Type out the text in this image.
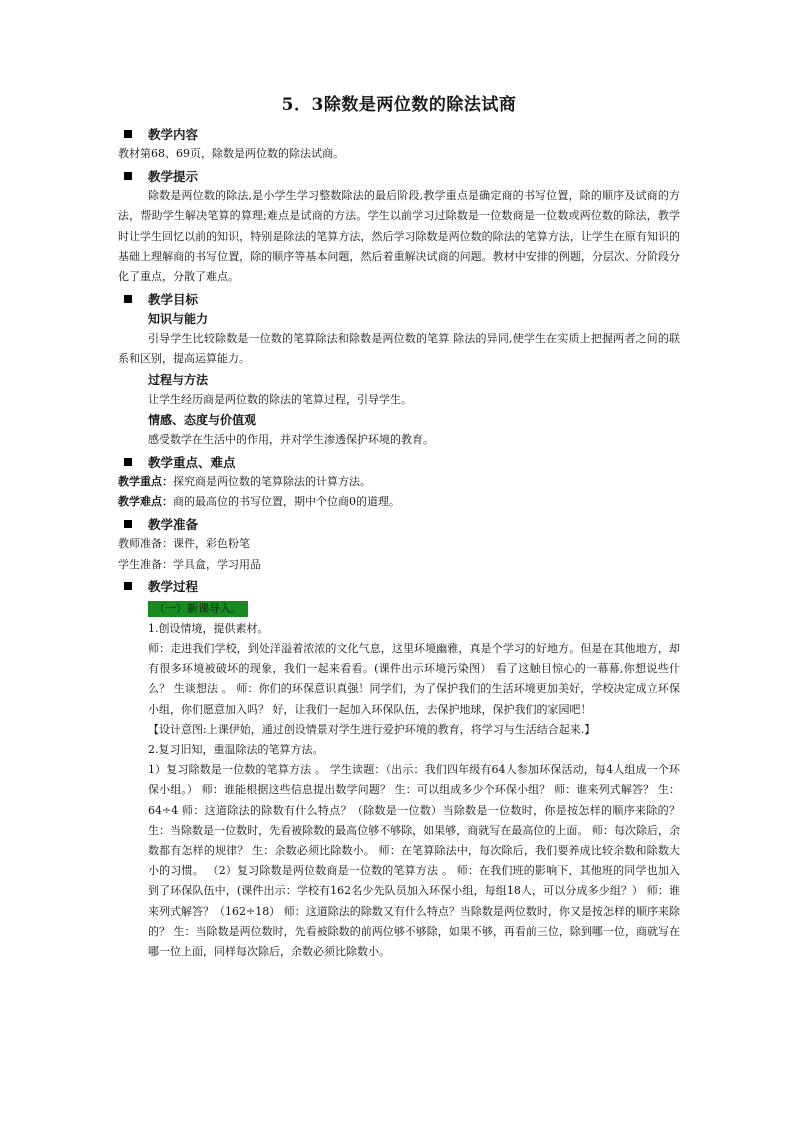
5．3除数是两位数的除法试商
教学内容

教材第68、69页，除数是两位数的除法试商。

教学提示

除数是两位数的除法,是小学生学习整数除法的最后阶段,教学重点是确定商的书写位置，除的顺序及试商的方法，帮助学生解决笔算的算理;难点是试商的方法。学生以前学习过除数是一位数商是一位数或两位数的除法，教学时让学生回忆以前的知识，特别是除法的笔算方法，然后学习除数是两位数的除法的笔算方法，让学生在原有知识的基础上理解商的书写位置，除的顺序等基本问题，然后着重解决试商的问题。教材中安排的例题，分层次、分阶段分化了重点，分散了难点。

教学目标
知识与能力

引导学生比较除数是一位数的笔算除法和除数是两位数的笔算 除法的异同,使学生在实质上把握两者之间的联系和区别，提高运算能力。

过程与方法

让学生经历商是两位数的除法的笔算过程，引导学生。

情感、态度与价值观

感受数学在生活中的作用，并对学生渗透保护环境的教育。

教学重点、难点

教学重点：探究商是两位数的笔算除法的计算方法。

教学难点：商的最高位的书写位置，期中个位商0的道理。

教学准备

教师准备：课件，彩色粉笔

学生准备：学具盒，学习用品

教学过程
（一）新课导入。
1.创设情境，提供素材。

师：走进我们学校，到处洋溢着浓浓的文化气息，这里环境幽雅，真是个学习的好地方。但是在其他地方，却有很多环境被破坏的现象，我们一起来看看。(课件出示环境污染图） 看了这触目惊心的一幕幕,你想说些什么？ 生谈想法 。 师：你们的环保意识真强！同学们，为了保护我们的生活环境更加美好，学校决定成立环保小组，你们愿意加入吗？ 好，让我们一起加入环保队伍，去保护地球，保护我们的家园吧！

【设计意图:上课伊始，通过创设情景对学生进行爱护环境的教育，将学习与生活结合起来.】

2.复习旧知，重温除法的笔算方法。

1）复习除数是一位数的笔算方法 。 学生读题：（出示：我们四年级有64人参加环保活动，每4人组成一个环保小组。） 师：谁能根据这些信息提出数学问题？ 生：可以组成多少个环保小组？ 师：谁来列式解答？ 生：64÷4 师：这道除法的除数有什么特点？（除数是一位数）当除数是一位数时，你是按怎样的顺序来除的？ 生：当除数是一位数时，先看被除数的最高位够不够除，如果够，商就写在最高位的上面。 师：每次除后，余数都有怎样的规律？ 生：余数必须比除数小。 师：在笔算除法中，每次除后，我们要养成比较余数和除数大小的习惯。 （2）复习除数是两位数商是一位数的笔算方法 。 师：在我们班的影响下，其他班的同学也加入到了环保队伍中，(课件出示：学校有162名少先队员加入环保小组，每组18人，可以分成多少组？） 师：谁来列式解答？（162÷18） 师：这道除法的除数又有什么特点？当除数是两位数时，你又是按怎样的顺序来除的？ 生：当除数是两位数时，先看被除数的前两位够不够除，如果不够，再看前三位，除到哪一位，商就写在哪一位上面，同样每次除后，余数必须比除数小。
